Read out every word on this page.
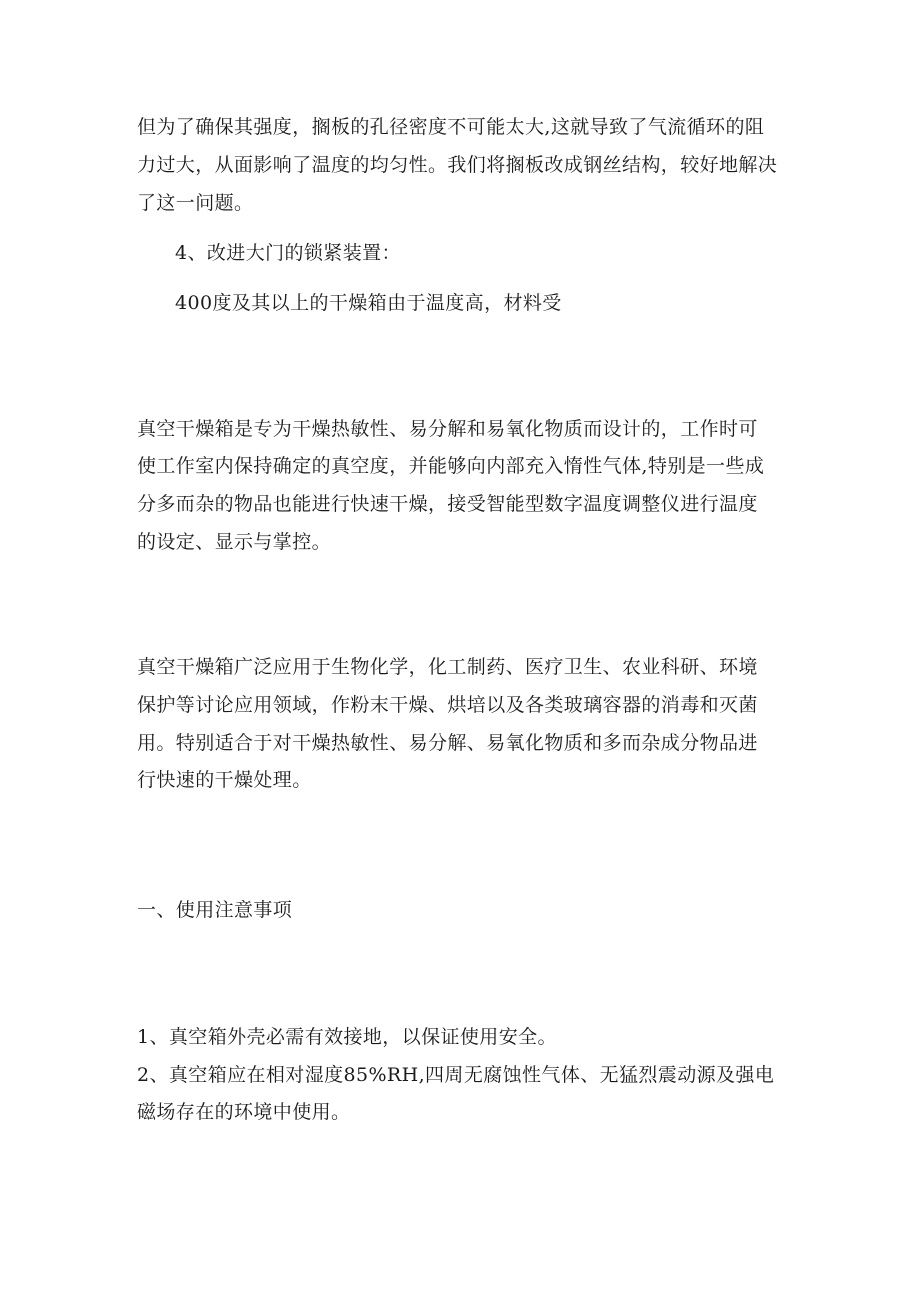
但为了确保其强度，搁板的孔径密度不可能太大,这就导致了气流循环的阻
力过大，从面影响了温度的均匀性。我们将搁板改成钢丝结构，较好地解决
了这一问题。
4、改进大门的锁紧装置：
400度及其以上的干燥箱由于温度高，材料受
真空干燥箱是专为干燥热敏性、易分解和易氧化物质而设计的，工作时可
使工作室内保持确定的真空度，并能够向内部充入惰性气体,特别是一些成
分多而杂的物品也能进行快速干燥，接受智能型数字温度调整仪进行温度
的设定、显示与掌控。
真空干燥箱广泛应用于生物化学，化工制药、医疗卫生、农业科研、环境
保护等讨论应用领域，作粉末干燥、烘培以及各类玻璃容器的消毒和灭菌
用。特别适合于对干燥热敏性、易分解、易氧化物质和多而杂成分物品进
行快速的干燥处理。
一、使用注意事项
1、真空箱外壳必需有效接地，以保证使用安全。
2、真空箱应在相对湿度85%RH,四周无腐蚀性气体、无猛烈震动源及强电
磁场存在的环境中使用。
